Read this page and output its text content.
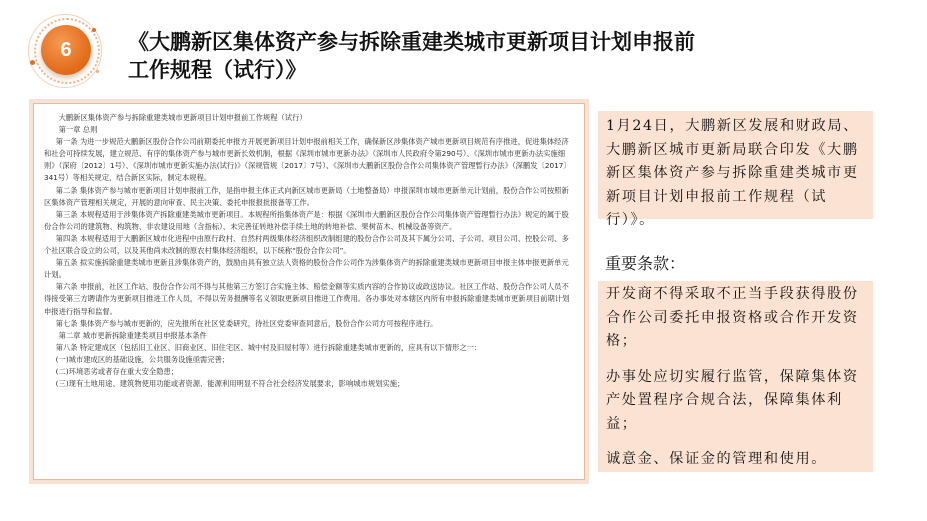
6	《大鹏新区集体资产参与拆除重建类城市更新项目计划申报前
工作规程（试行）》

大鹏新区集体资产参与拆除重建类城市更新项目计划申报前工作规程（试行）

第一章 总则

第一条 为进一步规范大鹏新区股份合作公司前期委托申报方开展更新项目计划申报前相关工作，确保新区涉集体资产城市更新项目规范有序推进，促进集体经济和社会可持续发展，建立规范、有序的集体资产参与城市更新长效机制，根据《深圳市城市更新办法》（深圳市人民政府令第290号）、《深圳市城市更新办法实施细则》（深府〔2012〕1号）、《深圳市城市更新实施办法(试行)》（深规管规〔2017〕7号）、《深圳市大鹏新区股份合作公司集体资产管理暂行办法》（深鹏发〔2017〕341号）等相关规定，结合新区实际，制定本规程。

第二条 集体资产参与城市更新项目计划申报前工作，是指申报主体正式向新区城市更新局（土地整备局）申报深圳市城市更新单元计划前，股份合作公司按照新区集体资产管理相关规定，开展的意向审查、民主决策、委托申报报批报备等工作。

第三条 本规程适用于涉集体资产拆除重建类城市更新项目。本规程所指集体资产是：根据《深圳市大鹏新区股份合作公司集体资产管理暂行办法》规定的属于股份合作公司的建筑物、构筑物、非农建设用地（含指标）、未完善征转地补偿手续土地的转地补偿、果树苗木、机械设备等资产。

第四条 本规程适用于大鹏新区城市化进程中由原行政村、自然村两级集体经济组织改制组建的股份合作公司及其下属分公司、子公司、项目公司、控股公司、多个社区联合设立的公司，以及其他尚未改制的原农村集体经济组织，以下统称“股份合作公司”。

第五条 拟实施拆除重建类城市更新且涉集体资产的，鼓励由具有独立法人资格的股份合作公司作为涉集体资产的拆除重建类城市更新项目申报主体申报更新单元计划。

第六条 申报前，社区工作站、股份合作公司不得与其他第三方签订合实施主体、赔偿金额等实质内容的合作协议或政送协议。社区工作站、股份合作公司人员不得接受第三方聘请作为更新项目推进工作人员，不得以劳务报酬等名义领取更新项目推进工作费用。各办事处对本辖区内所有申报拆除重建类城市更新项目前期计划申报进行指导和监督。

第七条 集体资产参与城市更新的，应先报所在社区党委研究，待社区党委审查同意后，股份合作公司方可按程序进行。

第二章 城市更新拆除重建类项目申报基本条件

第八条 特定建成区（包括旧工业区、旧商业区、旧住宅区、城中村及旧屋村等）进行拆除重建类城市更新的，应具有以下情形之一：

(一)城市建成区的基础设施，公共服务设施亟需完善；

(二)环境恶劣或者存在重大安全隐患；

(三)现有土地用途、建筑物使用功能或者资源、能源利用明显不符合社会经济发展要求，影响城市规划实施；

1月24日，大鹏新区发展和财政局、大鹏新区城市更新局联合印发《大鹏新区集体资产参与拆除重建类城市更新项目计划申报前工作规程（试行）》。
重要条款：

开发商不得采取不正当手段获得股份合作公司委托申报资格或合作开发资格；

办事处应切实履行监管，保障集体资产处置程序合规合法，保障集体利益；

诚意金、保证金的管理和使用。
